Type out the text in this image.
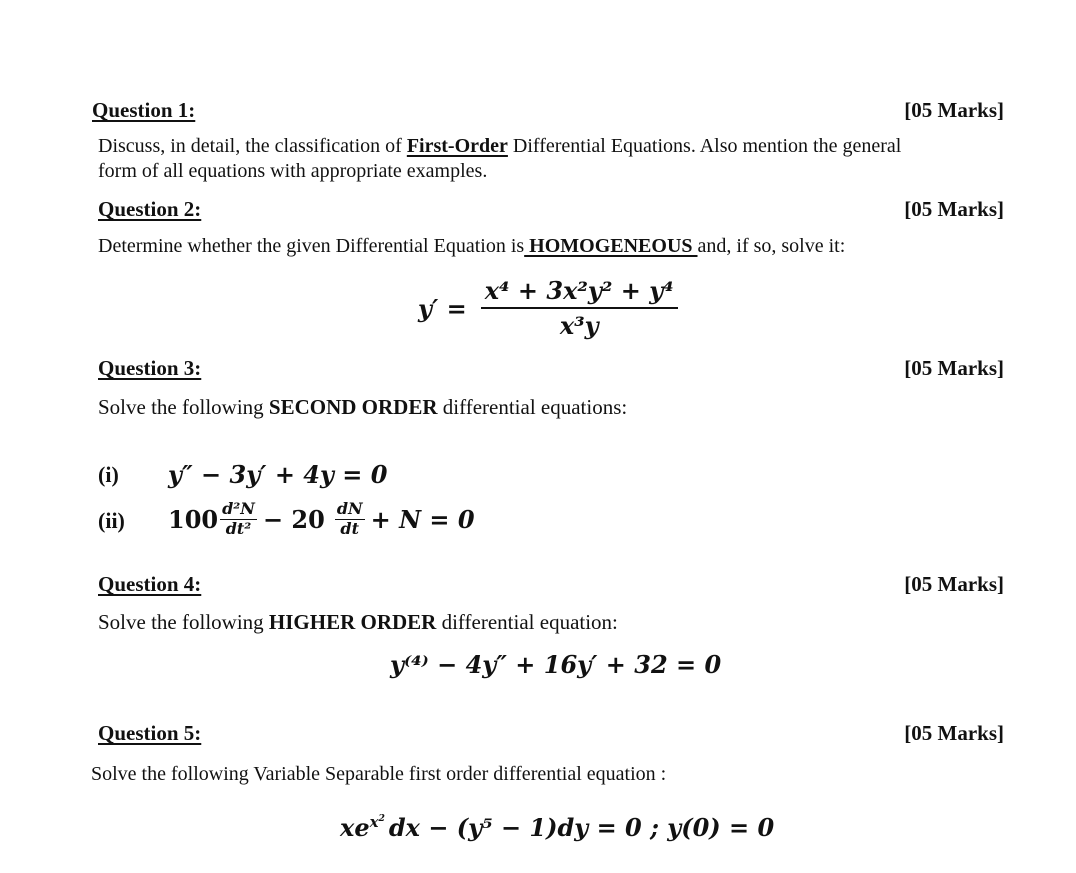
Question 1:	[05 Marks]
Discuss, in detail, the classification of First-Order Differential Equations. Also mention the general
form of all equations with appropriate examples.
Question 2:	[05 Marks]
Determine whether the given Differential Equation is HOMOGENEOUS and, if so, solve it:
$y' = \frac{\text{x⁴ + 3x²y² + y⁴}}{\text{x³y}}$
Question 3:	[05 Marks]
Solve the following SECOND ORDER differential equations:
(i) y″ − 3y′ + 4y = 0
(ii) $100 \frac{\text{d²N}}{\text{dt²}} - 20 \frac{dN}{dt} + N = 0$
Question 4:	[05 Marks]
Solve the following HIGHER ORDER differential equation:
y⁽⁴⁾ − 4y″ + 16y′ + 32 = 0
Question 5:	[05 Marks]
Solve the following Variable Separable first order differential equation :
$xe^{x^2}$ dx − (y⁵ − 1)dy = 0 ; y(0) = 0
